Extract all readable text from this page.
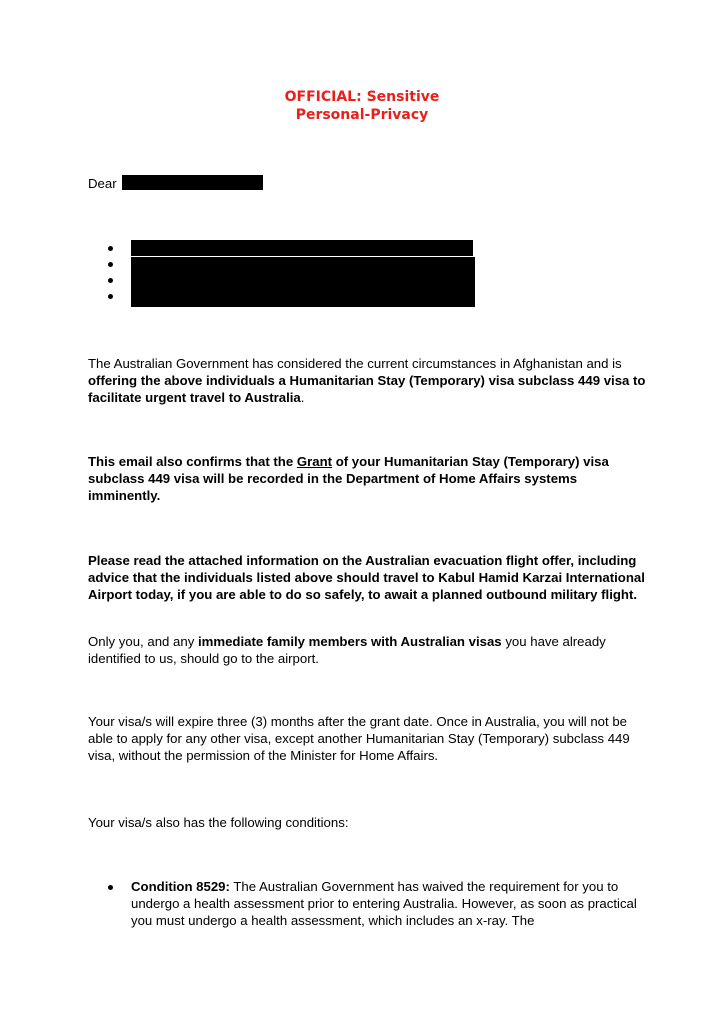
OFFICIAL: Sensitive
Personal-Privacy
Dear
The Australian Government has considered the current circumstances in Afghanistan and is offering the above individuals a Humanitarian Stay (Temporary) visa subclass 449 visa to facilitate urgent travel to Australia.
This email also confirms that the Grant of your Humanitarian Stay (Temporary) visa subclass 449 visa will be recorded in the Department of Home Affairs systems imminently.
Please read the attached information on the Australian evacuation flight offer, including advice that the individuals listed above should travel to Kabul Hamid Karzai International Airport today, if you are able to do so safely, to await a planned outbound military flight.
Only you, and any immediate family members with Australian visas you have already identified to us, should go to the airport.
Your visa/s will expire three (3) months after the grant date. Once in Australia, you will not be able to apply for any other visa, except another Humanitarian Stay (Temporary) subclass 449 visa, without the permission of the Minister for Home Affairs.
Your visa/s also has the following conditions:
Condition 8529: The Australian Government has waived the requirement for you to undergo a health assessment prior to entering Australia. However, as soon as practical you must undergo a health assessment, which includes an x-ray. The
